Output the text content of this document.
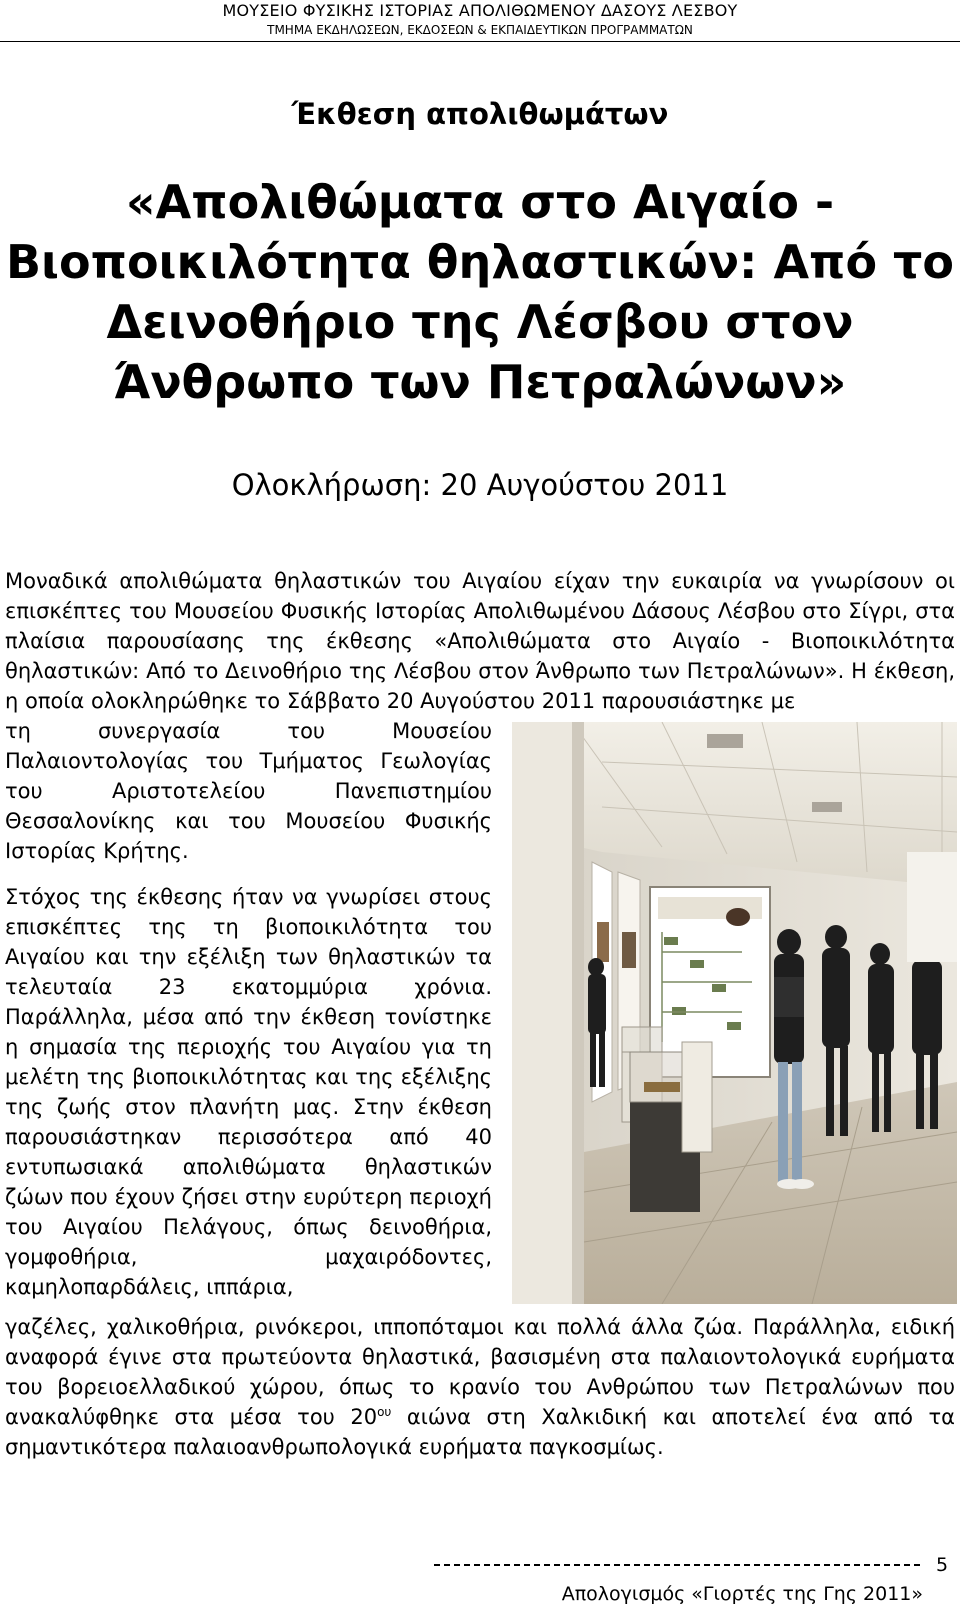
ΜΟΥΣΕΙΟ ΦΥΣΙΚΗΣ ΙΣΤΟΡΙΑΣ ΑΠΟΛΙΘΩΜΕΝΟΥ ΔΑΣΟΥΣ ΛΕΣΒΟΥ
ΤΜΗΜΑ ΕΚΔΗΛΩΣΕΩΝ, ΕΚΔΟΣΕΩΝ & ΕΚΠΑΙΔΕΥΤΙΚΩΝ ΠΡΟΓΡΑΜΜΑΤΩΝ
Έκθεση απολιθωμάτων
«Απολιθώματα στο Αιγαίο -
Βιοποικιλότητα θηλαστικών: Από το
Δεινοθήριο της Λέσβου στον
Άνθρωπο των Πετραλώνων»
Ολοκλήρωση: 20 Αυγούστου 2011
Μοναδικά απολιθώματα θηλαστικών του Αιγαίου είχαν την ευκαιρία να γνωρίσουν οι επισκέπτες του Μουσείου Φυσικής Ιστορίας Απολιθωμένου Δάσους Λέσβου στο Σίγρι, στα πλαίσια παρουσίασης της έκθεσης «Απολιθώματα στο Αιγαίο - Βιοποικιλότητα θηλαστικών: Από το Δεινοθήριο της Λέσβου στον Άνθρωπο των Πετραλώνων». Η έκθεση, η οποία ολοκληρώθηκε το Σάββατο 20 Αυγούστου 2011 παρουσιάστηκε με
τη συνεργασία του Μουσείου Παλαιοντολογίας του Τμήματος Γεωλογίας του Αριστοτελείου Πανεπιστημίου Θεσσαλονίκης και του Μουσείου Φυσικής Ιστορίας Κρήτης.
Στόχος της έκθεσης ήταν να γνωρίσει στους επισκέπτες της τη βιοποικιλότητα του Αιγαίου και την εξέλιξη των θηλαστικών τα τελευταία 23 εκατομμύρια χρόνια. Παράλληλα, μέσα από την έκθεση τονίστηκε η σημασία της περιοχής του Αιγαίου για τη μελέτη της βιοποικιλότητας και της εξέλιξης της ζωής στον πλανήτη μας. Στην έκθεση παρουσιάστηκαν περισσότερα από 40 εντυπωσιακά απολιθώματα θηλαστικών ζώων που έχουν ζήσει στην ευρύτερη περιοχή του Αιγαίου Πελάγους, όπως δεινοθήρια, γομφοθήρια, μαχαιρόδοντες, καμηλοπαρδάλεις, ιππάρια,
γαζέλες, χαλικοθήρια, ρινόκεροι, ιπποπόταμοι και πολλά άλλα ζώα. Παράλληλα, ειδική αναφορά έγινε στα πρωτεύοντα θηλαστικά, βασισμένη στα παλαιοντολογικά ευρήματα του βορειοελλαδικού χώρου, όπως το κρανίο του Ανθρώπου των Πετραλώνων που ανακαλύφθηκε στα μέσα του $20^{o\upsilon}$ αιώνα στη Χαλκιδική και αποτελεί ένα από τα σημαντικότερα παλαιοανθρωπολογικά ευρήματα παγκοσμίως.
5
Απολογισμός «Γιορτές της Γης 2011»
